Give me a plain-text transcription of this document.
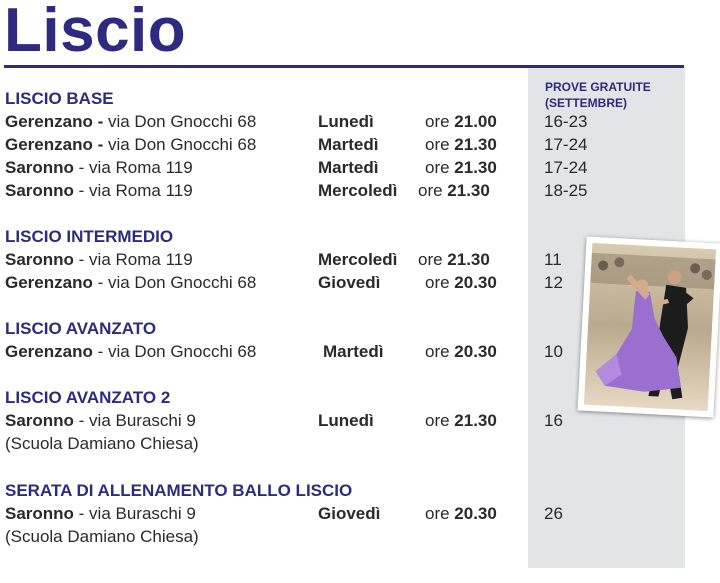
Liscio
PROVE GRATUITE
(SETTEMBRE)
LISCIO BASE
Gerenzano - via Don Gnocchi 68	Lunedì	ore 21.00	16-23
Gerenzano - via Don Gnocchi 68	Martedì	ore 21.30	17-24
Saronno - via Roma 119	Martedì	ore 21.30	17-24
Saronno - via Roma 119	Mercoledì ore 21.30	18-25
LISCIO INTERMEDIO
Saronno - via Roma 119	Mercoledì ore 21.30	11
Gerenzano - via Don Gnocchi 68	Giovedì	ore 20.30	12
LISCIO AVANZATO
Gerenzano - via Don Gnocchi 68	Martedì ore 20.30	10
LISCIO AVANZATO 2
Saronno - via Buraschi 9	Lunedì	ore 21.30	16
(Scuola Damiano Chiesa)
SERATA DI ALLENAMENTO BALLO LISCIO
Saronno - via Buraschi 9	Giovedì	ore 20.30	26
(Scuola Damiano Chiesa)
